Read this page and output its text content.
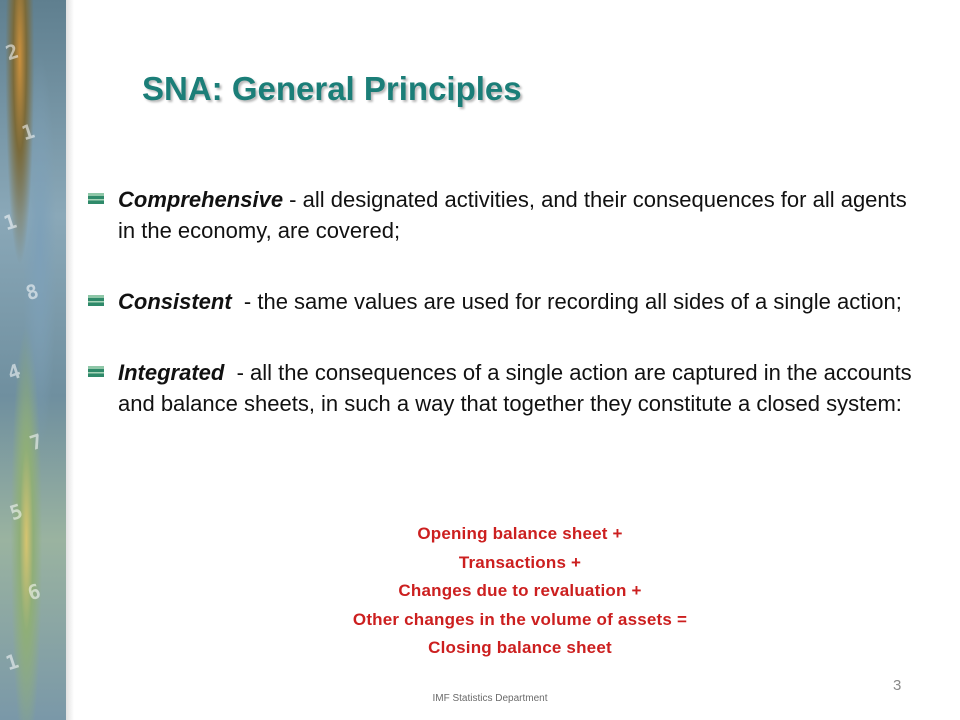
2
1
1
8
4
7
5
6
1
SNA: General Principles
Comprehensive - all designated activities, and their consequences for all agents in the economy, are covered;
Consistent  - the same values are used for recording all sides of a single action;
Integrated  - all the consequences of a single action are captured in the accounts and balance sheets, in such a way that together they constitute a closed system:
Opening balance sheet +
Transactions +
Changes due to revaluation +
Other changes in the volume of assets =
Closing balance sheet
IMF Statistics Department
3
